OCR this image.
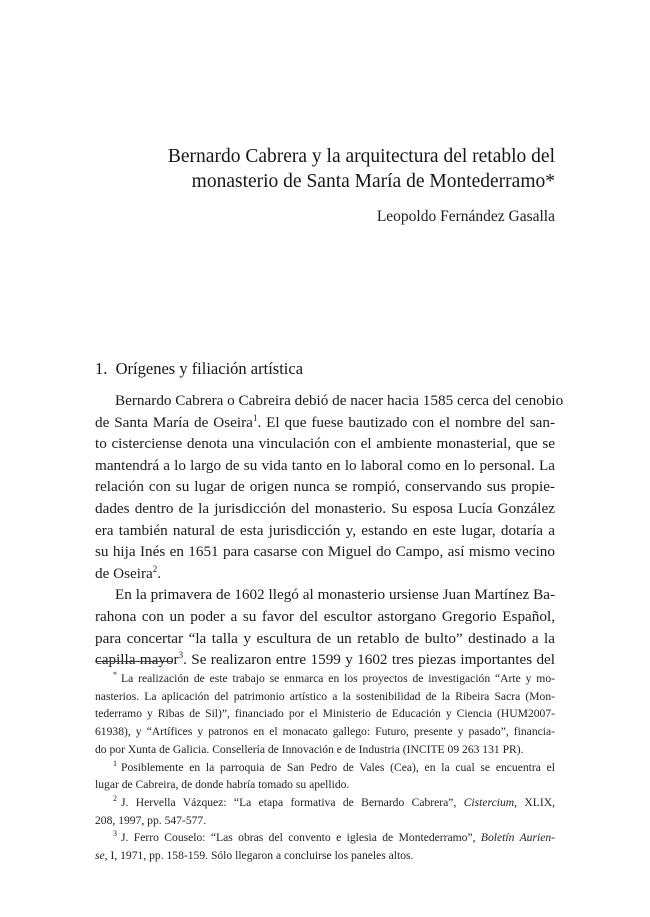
Bernardo Cabrera y la arquitectura del retablo del
monasterio de Santa María de Montederramo*
Leopoldo Fernández Gasalla
1. Orígenes y filiación artística
Bernardo Cabrera o Cabreira debió de nacer hacia 1585 cerca del cenobio
de Santa María de Oseira$^1$. El que fuese bautizado con el nombre del san-
to cisterciense denota una vinculación con el ambiente monasterial, que se
mantendrá a lo largo de su vida tanto en lo laboral como en lo personal. La
relación con su lugar de origen nunca se rompió, conservando sus propie-
dades dentro de la jurisdicción del monasterio. Su esposa Lucía González
era también natural de esta jurisdicción y, estando en este lugar, dotaría a
su hija Inés en 1651 para casarse con Miguel do Campo, así mismo vecino
de Oseira$^2$.
En la primavera de 1602 llegó al monasterio ursiense Juan Martínez Ba-
rahona con un poder a su favor del escultor astorgano Gregorio Español,
para concertar “la talla y escultura de un retablo de bulto” destinado a la
capilla mayor$^3$. Se realizaron entre 1599 y 1602 tres piezas importantes del
* La realización de este trabajo se enmarca en los proyectos de investigación “Arte y mo-
nasterios. La aplicación del patrimonio artístico a la sostenibilidad de la Ribeira Sacra (Mon-
tederramo y Ribas de Sil)”, financiado por el Ministerio de Educación y Ciencia (HUM2007-
61938), y “Artífices y patronos en el monacato gallego: Futuro, presente y pasado”, financia-
do por Xunta de Galicia. Consellería de Innovación e de Industria (INCITE 09 263 131 PR).
$^1$ Posiblemente en la parroquia de San Pedro de Vales (Cea), en la cual se encuentra el
lugar de Cabreira, de donde habría tomado su apellido.
$^2$ J. Hervella Vázquez: “La etapa formativa de Bernardo Cabrera”, Cistercium, XLIX,
208, 1997, pp. 547-577.
$^3$ J. Ferro Couselo: “Las obras del convento e iglesia de Montederramo”, Boletín Aurien-
se, I, 1971, pp. 158-159. Sólo llegaron a concluirse los paneles altos.
